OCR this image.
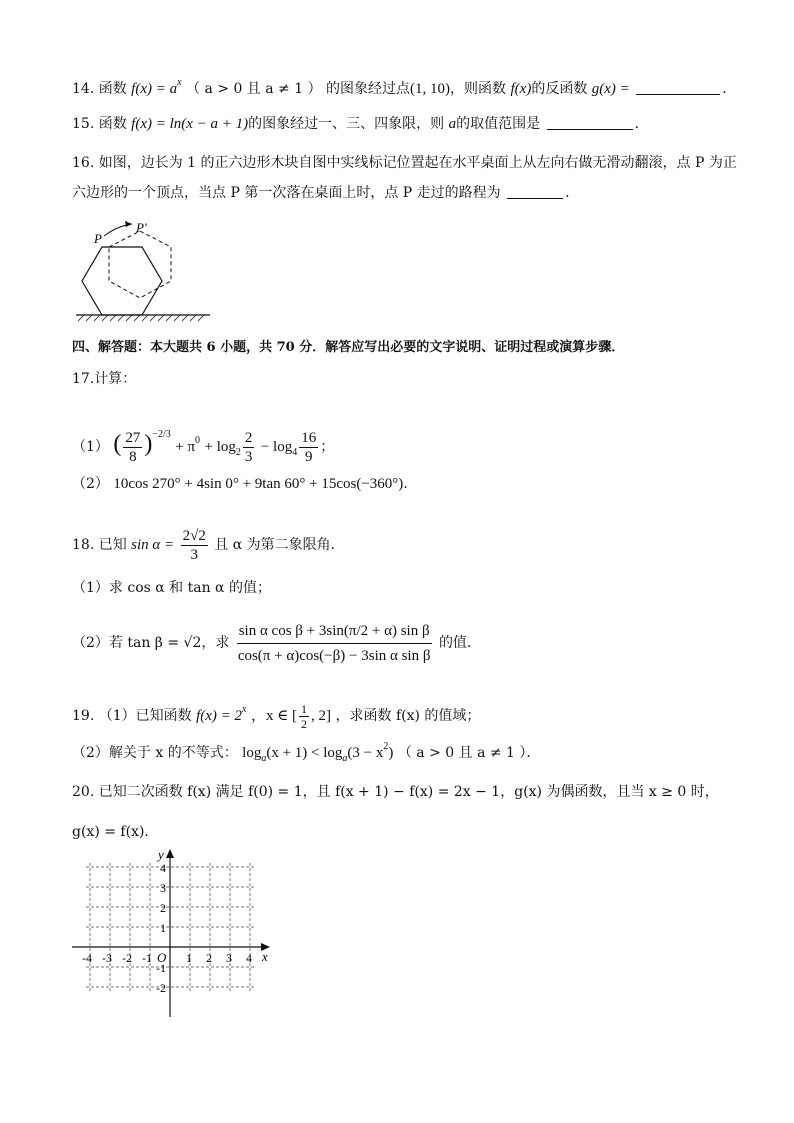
14. 函数 $f(x) = a^x$ （ a > 0 且 a ≠ 1 ） 的图象经过点(1, 10)，则函数 f(x)的反函数 g(x) =	.
15. 函数 f(x) = ln(x − a + 1)的图象经过一、三、四象限，则 a的取值范围是	.
16. 如图，边长为 1 的正六边形木块自图中实线标记位置起在水平桌面上从左向右做无滑动翻滚，点 P 为正
六边形的一个顶点，当点 P 第一次落在桌面上时，点 P 走过的路程为	.
P
P'
四、解答题：本大题共 6 小题，共 70 分．解答应写出必要的文字说明、证明过程或演算步骤．
17.计算：
（1） ( $\frac{27}{8} )^{-2/3} + \pi^0 + \log_2 \frac{2}{3} - \log_4 \frac{16}{9}$ ；
（2） 10cos 270° + 4sin 0° + 9tan 60° + 15cos(−360°).
18. 已知 $\sin \alpha = \frac{2√2}{3}$ 且 α 为第二象限角．
（1）求 cos α 和 tan α 的值；
（2）若 tan β = √2，求 $\frac{\text{sin α cos β + 3sin(π/2 + α) sin β}}{\text{cos(π + α)cos(−β) − 3sin α sin β}}$ 的值．
19. （1）已知函数 $f(x) = 2^x$ ，x ∈ [ $\frac{1}{2}$ , 2] ，求函数 f(x) 的值域；
（2）解关于 x 的不等式： $\log_a(x + 1) < \log_a(3 - x^2)$ （ a > 0 且 a ≠ 1 ）．
20. 已知二次函数 f(x) 满足 f(0) = 1，且 f(x + 1) − f(x) = 2x − 1，g(x) 为偶函数，且当 x ≥ 0 时，
g(x) = f(x)．
x
y
O
-4 -3 -2 -1	1 2 3 4
4
3
2
1
-1
-2
